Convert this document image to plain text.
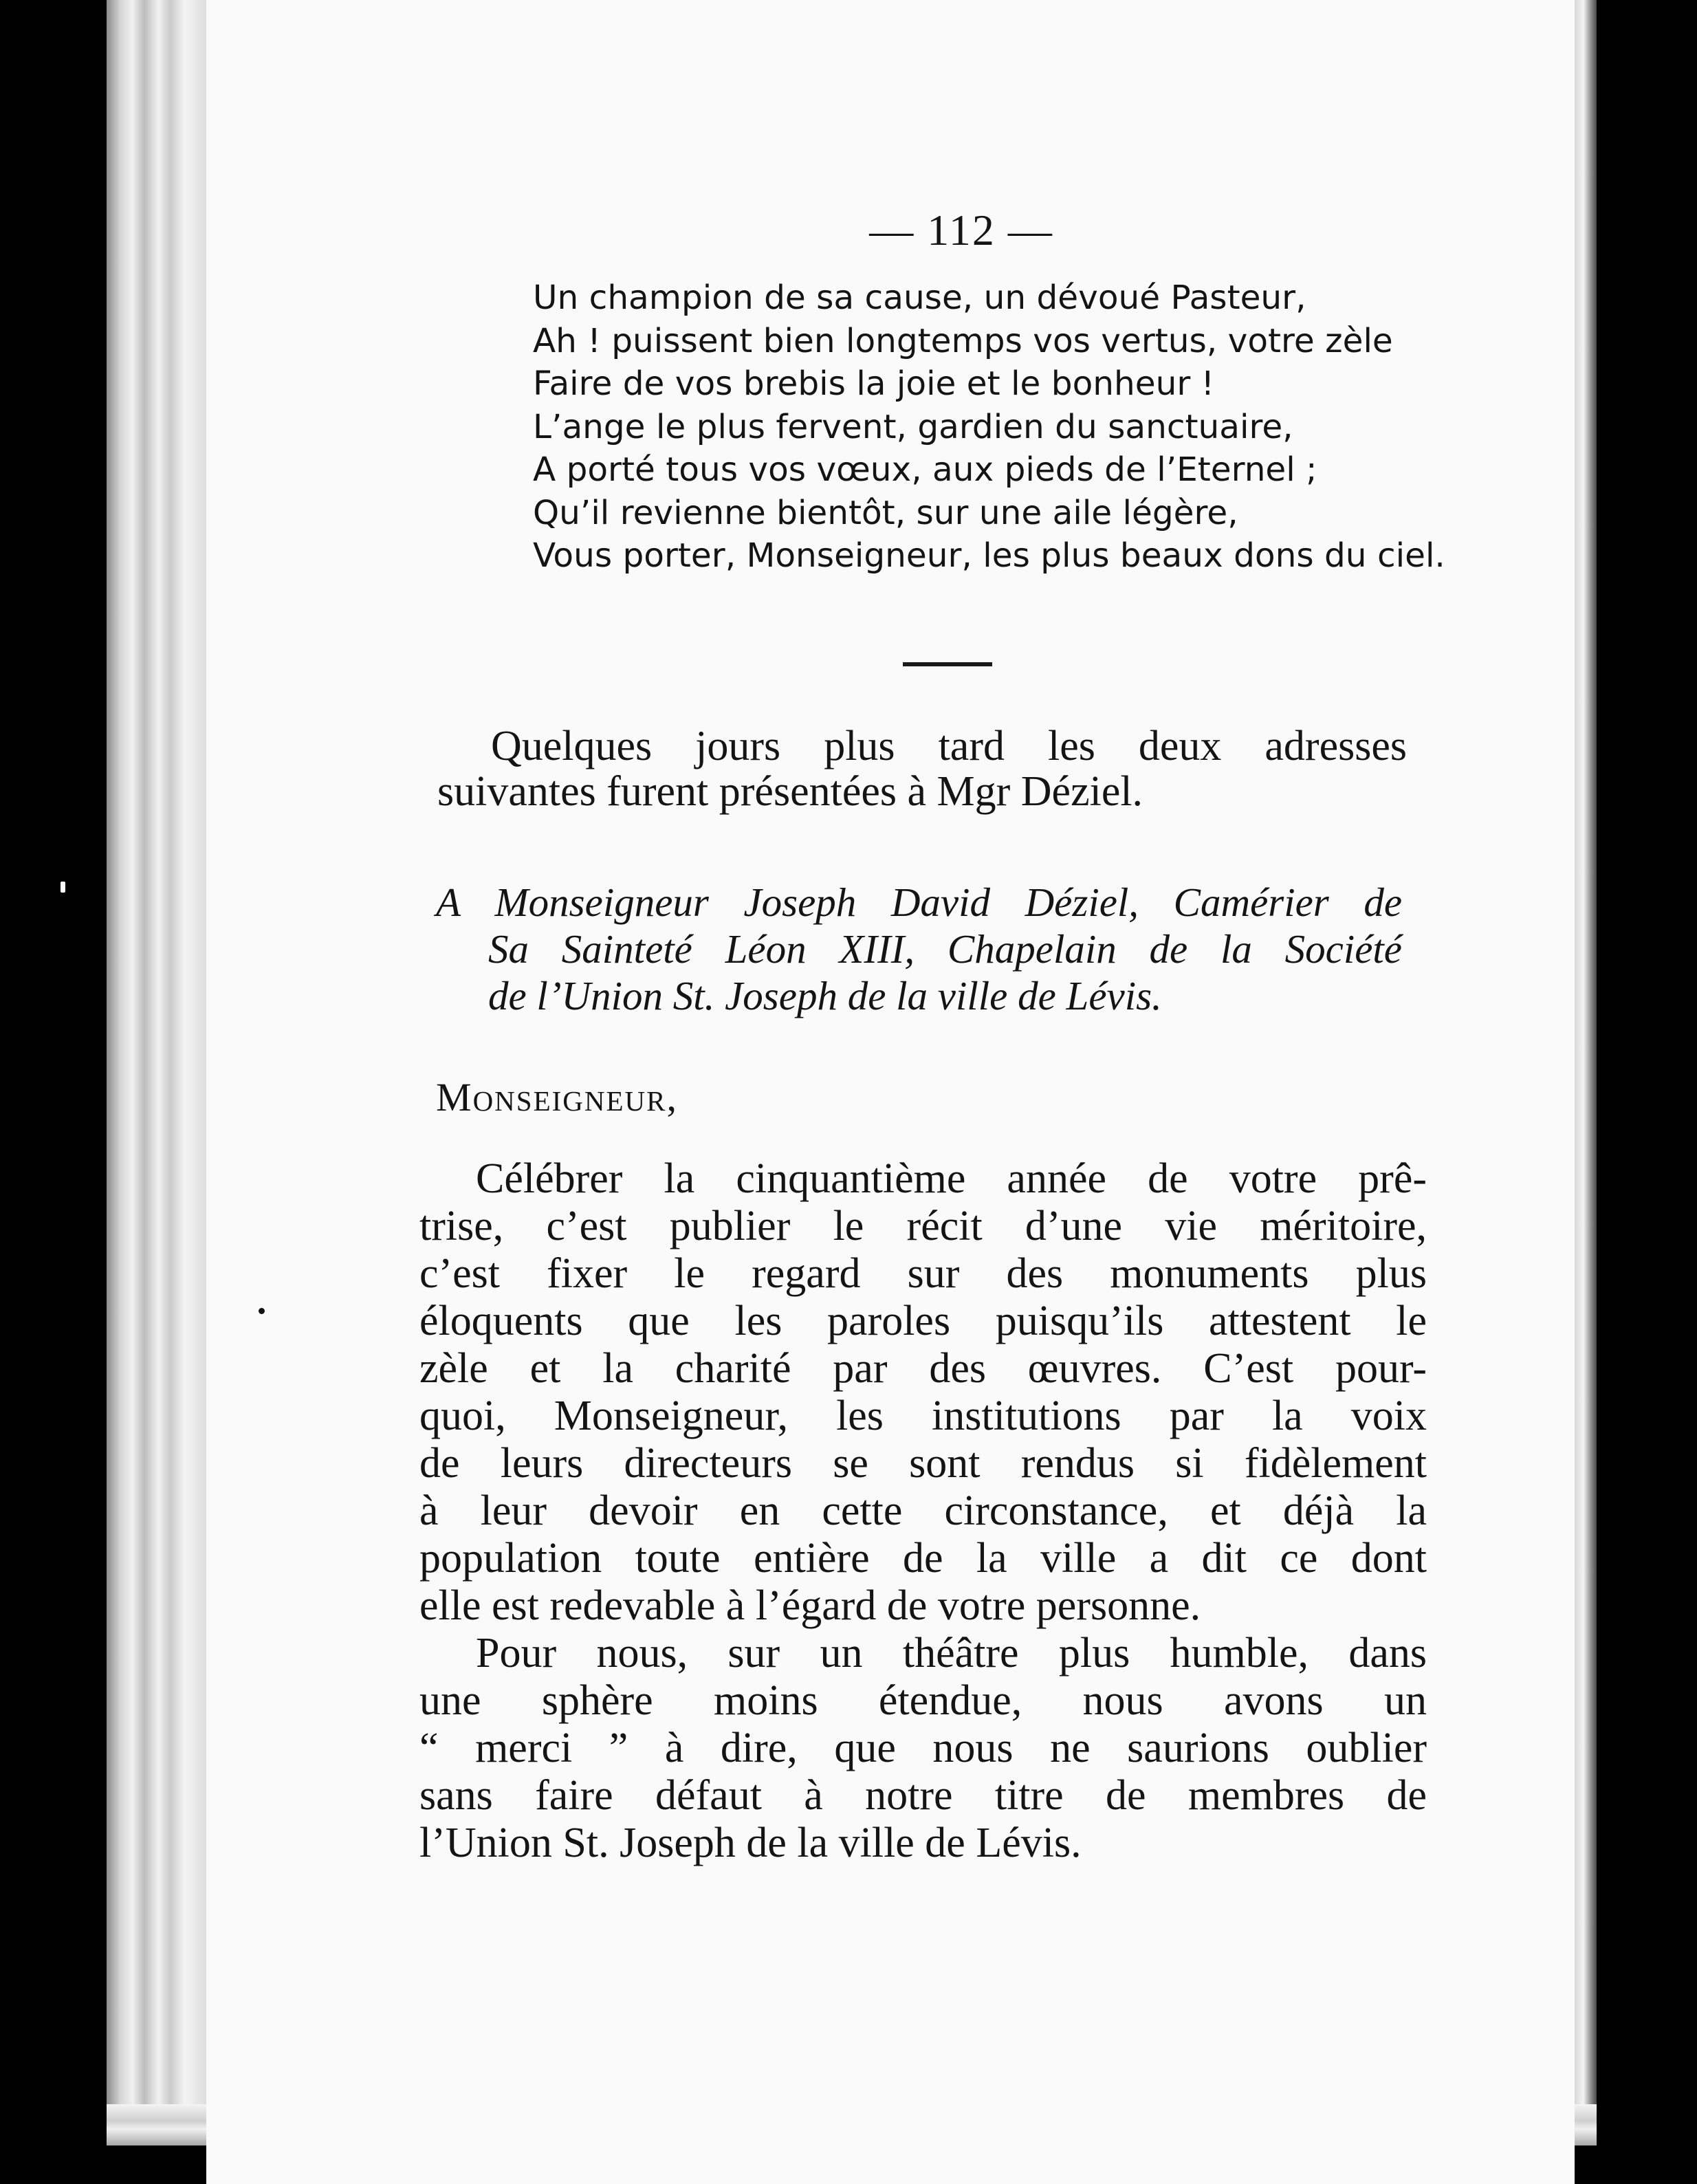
— 112 —
Un champion de sa cause, un dévoué Pasteur,
Ah ! puissent bien longtemps vos vertus, votre zèle
Faire de vos brebis la joie et le bonheur !
L’ange le plus fervent, gardien du sanctuaire,
A porté tous vos vœux, aux pieds de l’Eternel ;
Qu’il revienne bientôt, sur une aile légère,
Vous porter, Monseigneur, les plus beaux dons du ciel.
Quelques jours plus tard les deux adresses
suivantes furent présentées à Mgr Déziel.
A Monseigneur Joseph David Déziel, Camérier de
Sa Sainteté Léon XIII, Chapelain de la Société
de l’Union St. Joseph de la ville de Lévis.
Monseigneur,
Célébrer la cinquantième année de votre prê-
trise, c’est publier le récit d’une vie méritoire,
c’est fixer le regard sur des monuments plus
éloquents que les paroles puisqu’ils attestent le
zèle et la charité par des œuvres. C’est pour-
quoi, Monseigneur, les institutions par la voix
de leurs directeurs se sont rendus si fidèlement
à leur devoir en cette circonstance, et déjà la
population toute entière de la ville a dit ce dont
elle est redevable à l’égard de votre personne.
Pour nous, sur un théâtre plus humble, dans
une sphère moins étendue, nous avons un
“ merci ” à dire, que nous ne saurions oublier
sans faire défaut à notre titre de membres de
l’Union St. Joseph de la ville de Lévis.
